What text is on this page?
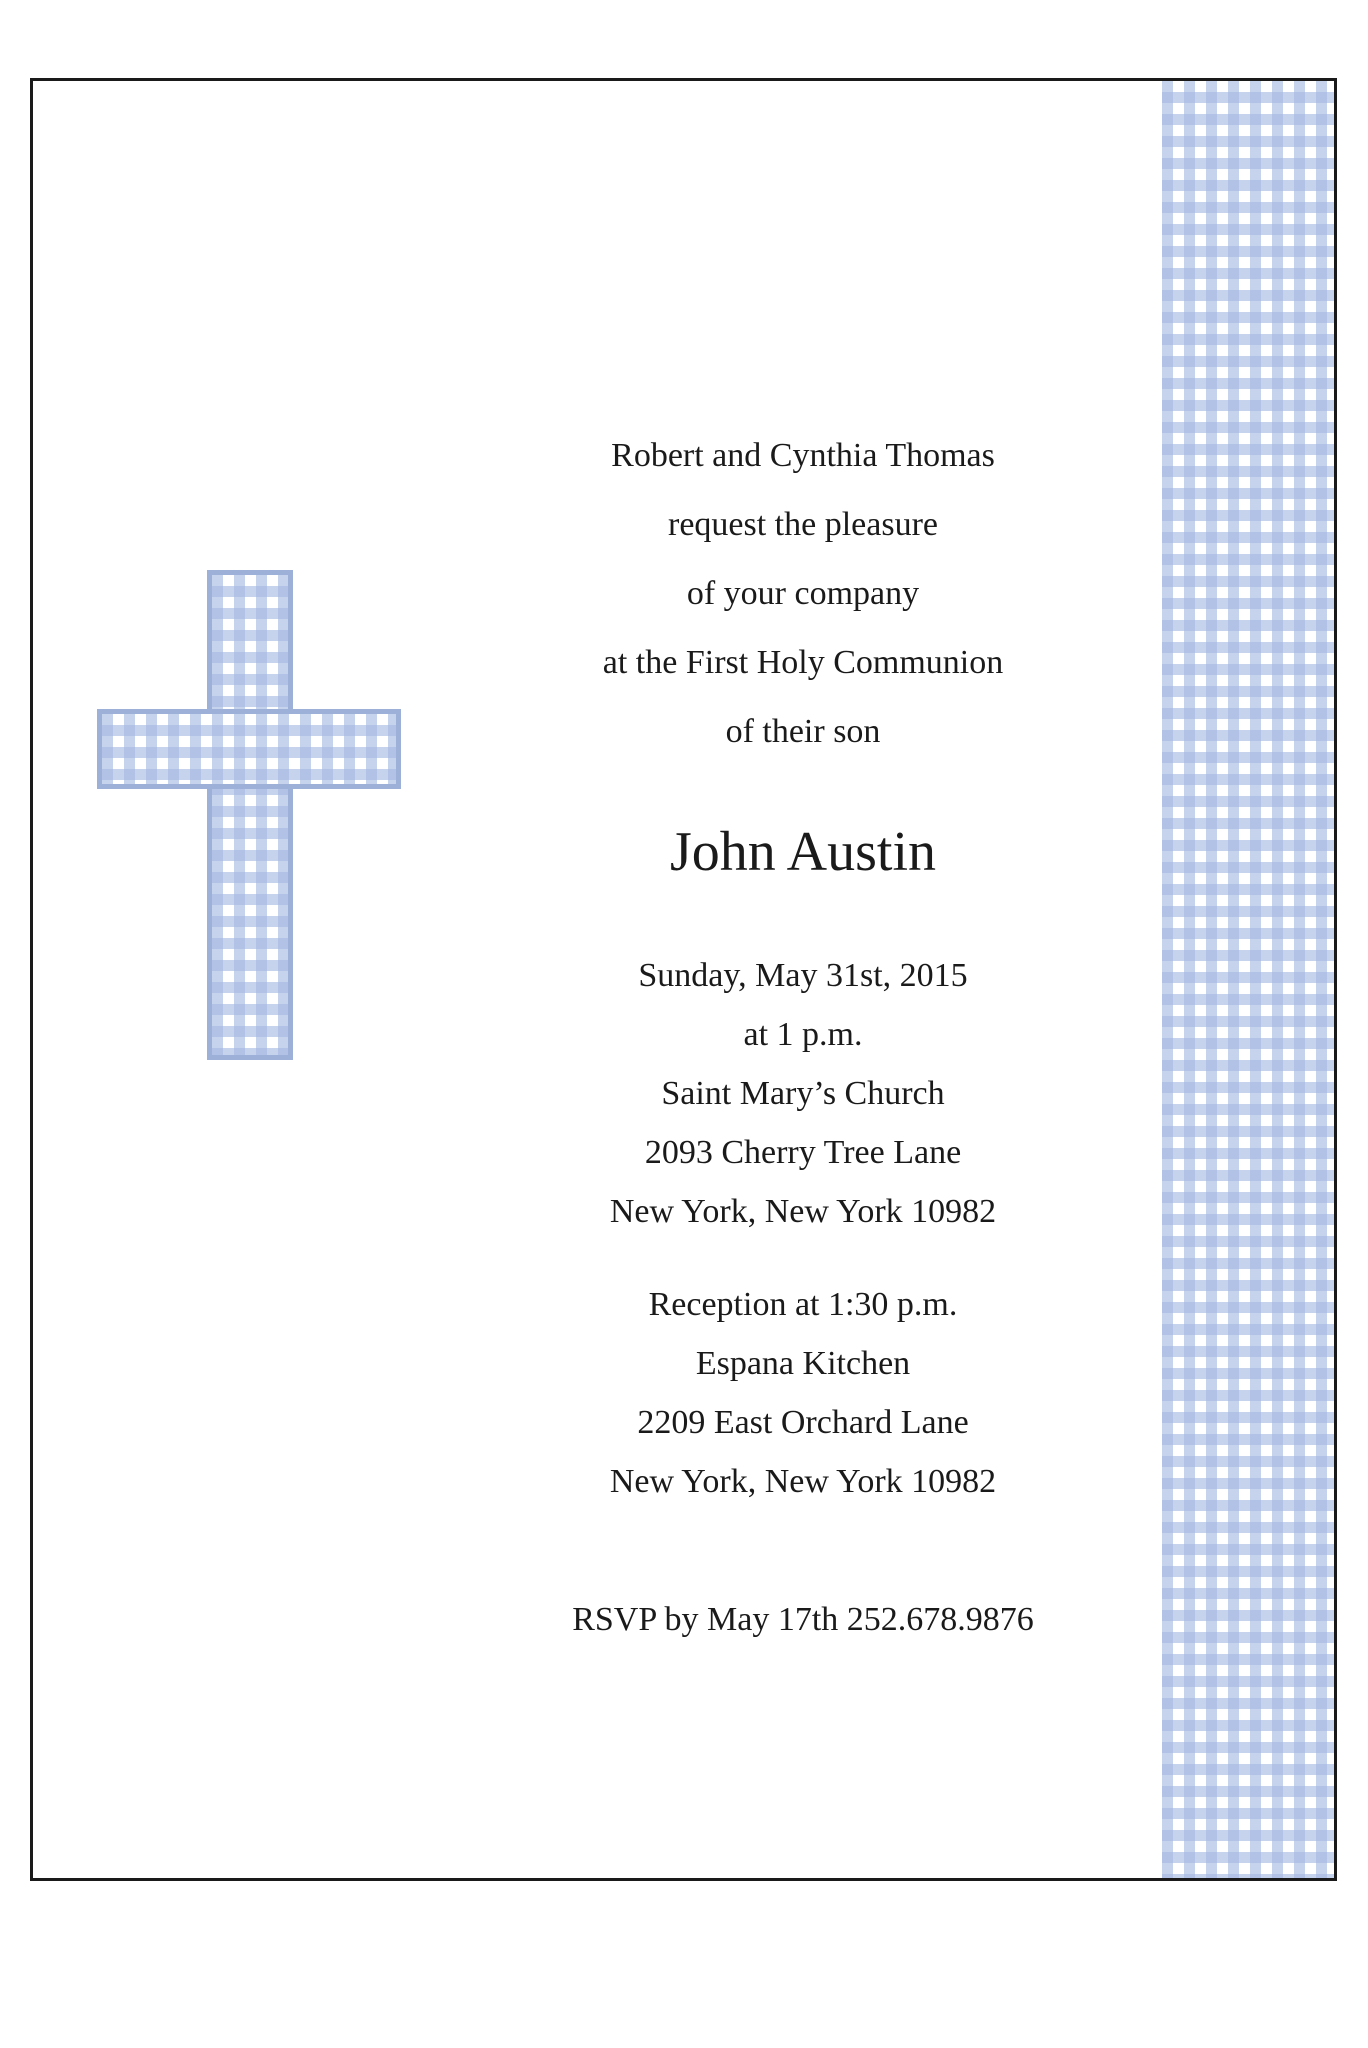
Robert and Cynthia Thomas
request the pleasure
of your company
at the First Holy Communion
of their son
John Austin
Sunday, May 31st, 2015
at 1 p.m.
Saint Mary’s Church
2093 Cherry Tree Lane
New York, New York 10982
Reception at 1:30 p.m.
Espana Kitchen
2209 East Orchard Lane
New York, New York 10982
RSVP by May 17th 252.678.9876
